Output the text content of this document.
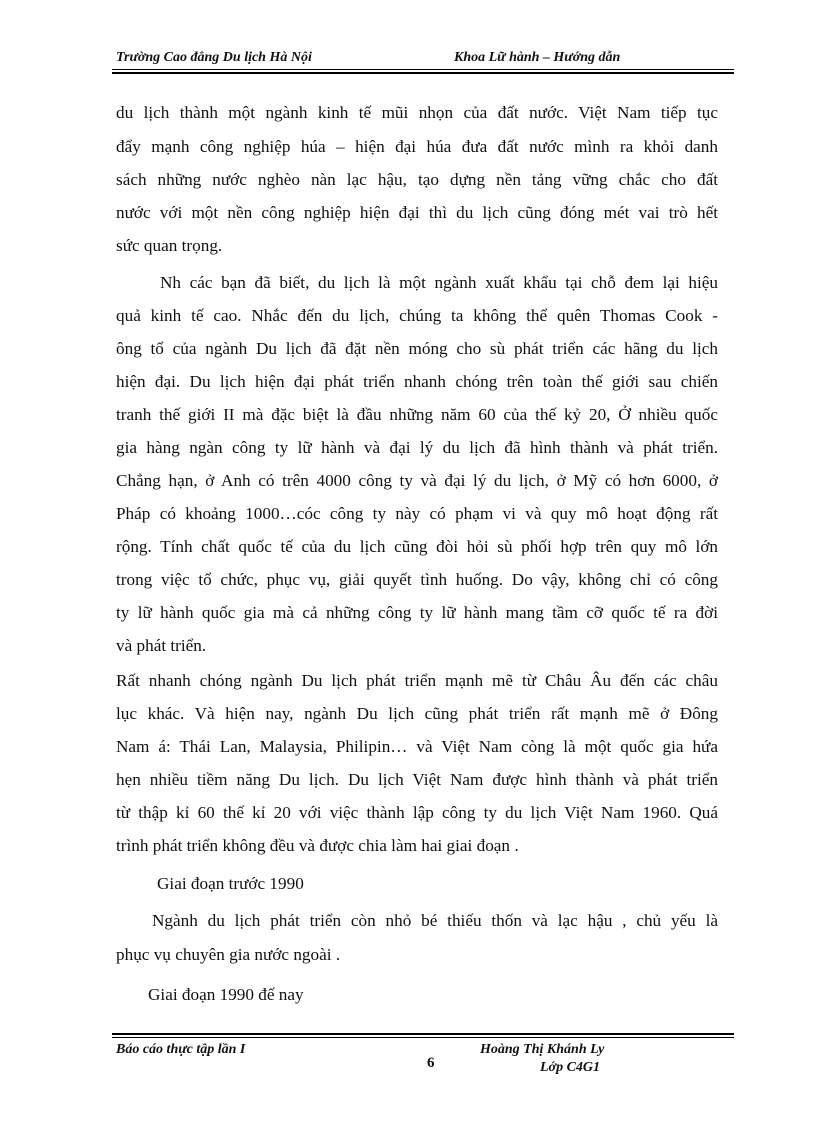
Trường Cao đẳng Du lịch Hà Nội	Khoa Lữ hành – Hướng dẫn
du lịch thành một ngành kinh tế mũi nhọn của đất nước. Việt Nam tiếp tục
đẩy mạnh công nghiệp húa – hiện đại húa đưa đất nước mình ra khỏi danh
sách những nước nghèo nàn lạc hậu, tạo dựng nền tảng vững chắc cho đất
nước với một nền công nghiệp hiện đại thì du lịch cũng đóng mét vai trò hết
sức quan trọng.
Nh các bạn đã biết, du lịch là một ngành xuất khẩu tại chỗ đem lại hiệu
quả kinh tế cao. Nhắc đến du lịch, chúng ta không thể quên Thomas Cook -
ông tổ của ngành Du lịch đã đặt nền móng cho sù phát triển các hãng du lịch
hiện đại. Du lịch hiện đại phát triển nhanh chóng trên toàn thế giới sau chiến
tranh thế giới II mà đặc biệt là đầu những năm 60 của thế kỷ 20, Ở nhiều quốc
gia hàng ngàn công ty lữ hành và đại lý du lịch đã hình thành và phát triển.
Chẳng hạn, ở Anh có trên 4000 công ty và đại lý du lịch, ở Mỹ có hơn 6000, ở
Pháp có khoảng 1000…cóc công ty này có phạm vi và quy mô hoạt động rất
rộng. Tính chất quốc tế của du lịch cũng đòi hỏi sù phối hợp trên quy mô lớn
trong việc tổ chức, phục vụ, giải quyết tình huống. Do vậy, không chỉ có công
ty lữ hành quốc gia mà cả những công ty lữ hành mang tầm cỡ quốc tế ra đời
và phát triển.
Rất nhanh chóng ngành Du lịch phát triển mạnh mẽ từ Châu Âu đến các châu
lục khác. Và hiện nay, ngành Du lịch cũng phát triển rất mạnh mẽ ở Đông
Nam á: Thái Lan, Malaysia, Philipin… và Việt Nam còng là một quốc gia hứa
hẹn nhiều tiềm năng Du lịch. Du lịch Việt Nam được hình thành và phát triển
từ thập kỉ 60 thế kỉ 20 với việc thành lập công ty du lịch Việt Nam 1960. Quá
trình phát triển không đều và được chia làm hai giai đoạn .
Giai đoạn trước 1990
Ngành du lịch phát triển còn nhỏ bé thiếu thốn và lạc hậu , chủ yếu là
phục vụ chuyên gia nước ngoài .
Giai đoạn 1990 đế nay
Báo cáo thực tập lần I
6
Hoàng Thị Khánh Ly
Lớp C4G1
